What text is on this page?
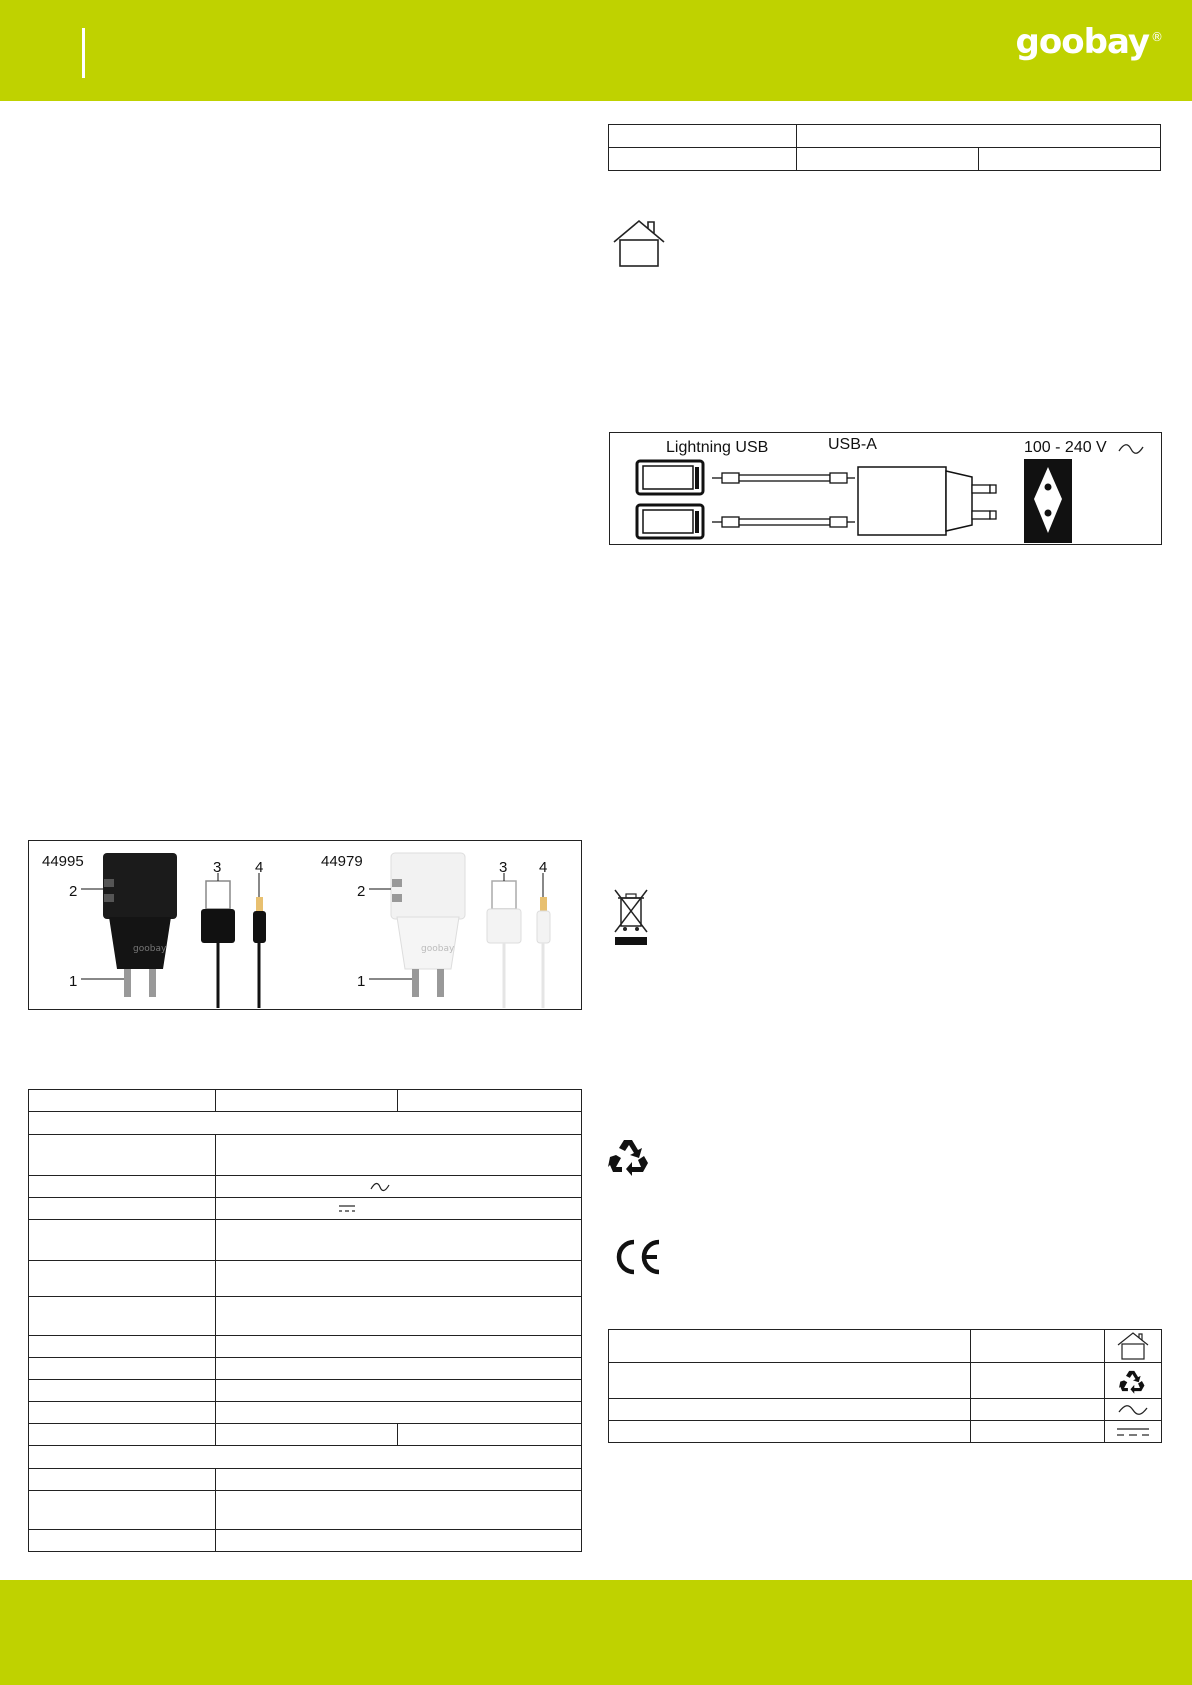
goobay ®

Lightning USB	USB-A	100 - 240 V
44995	44979
2
1
3 4
2
1
3 4
goobay	goobay
